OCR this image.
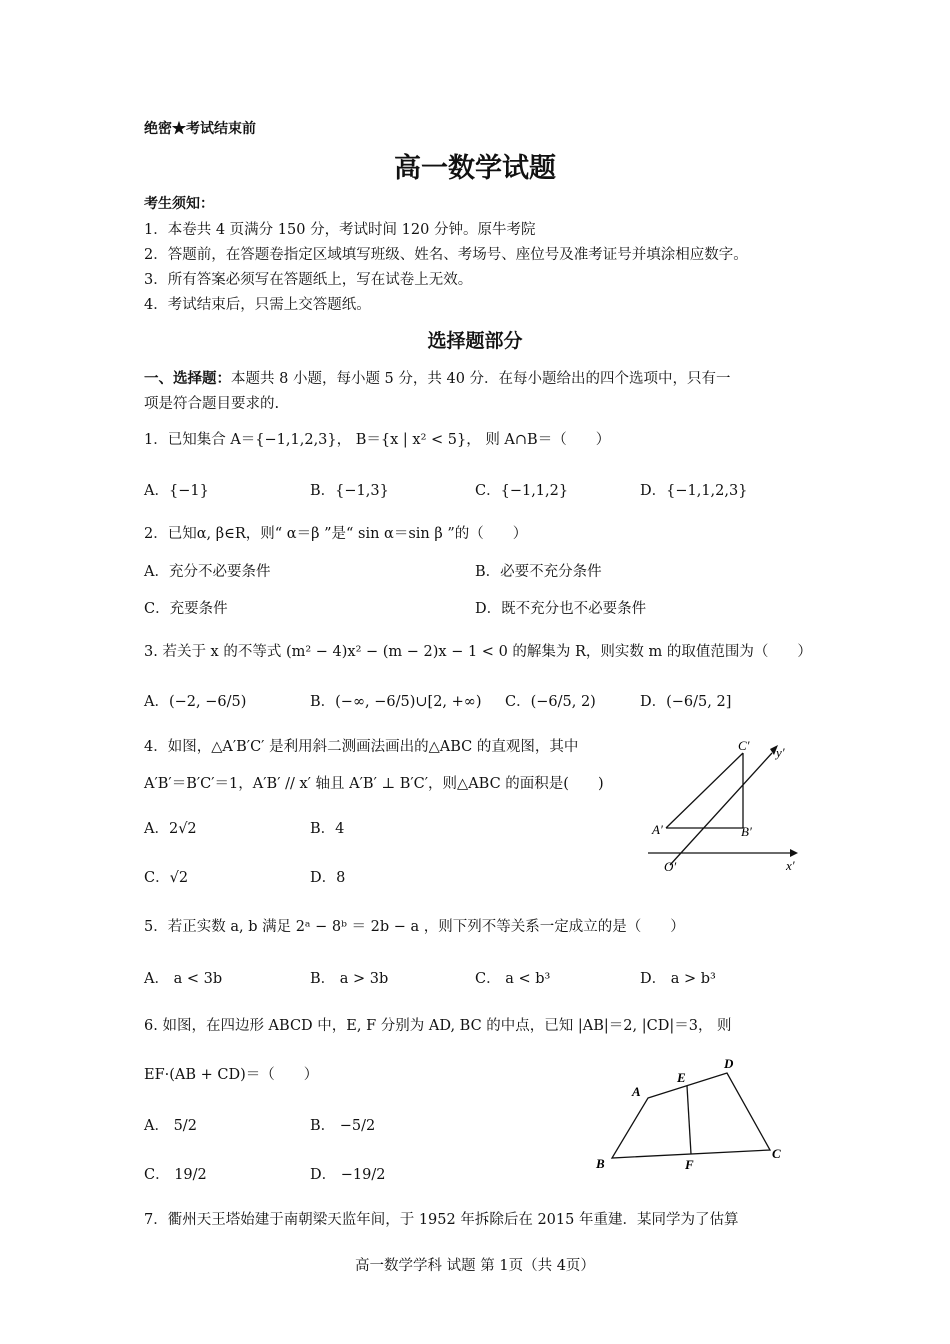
绝密★考试结束前
高一数学试题
考生须知：
1．本卷共 4 页满分 150 分，考试时间 120 分钟。原牛考院
2．答题前，在答题卷指定区域填写班级、姓名、考场号、座位号及准考证号并填涂相应数字。
3．所有答案必须写在答题纸上，写在试卷上无效。
4．考试结束后，只需上交答题纸。
选择题部分
一、选择题：本题共 8 小题，每小题 5 分，共 40 分．在每小题给出的四个选项中，只有一
项是符合题目要求的.
1．已知集合 A＝{−1,1,2,3}， B＝{x | x² < 5}， 则 A∩B＝（　　）
A．{−1}	B．{−1,3}	C．{−1,1,2}	D．{−1,1,2,3}
2．已知α, β∈R，则“ α＝β ”是“ sin α＝sin β ”的（　　）
A．充分不必要条件	B．必要不充分条件
C．充要条件	D．既不充分也不必要条件
3. 若关于 x 的不等式 (m² − 4)x² − (m − 2)x − 1 < 0 的解集为 R，则实数 m 的取值范围为（　　）
A．(−2, −6/5)	B．(−∞, −6/5)∪[2, +∞) C．(−6/5, 2)	D．(−6/5, 2]
4．如图，△A′B′C′ 是利用斜二测画法画出的△ABC 的直观图，其中
A′B′＝B′C′＝1，A′B′ // x′ 轴且 A′B′ ⊥ B′C′，则△ABC 的面积是(　　)
A．2√2	B．4
C．√2	D．8
C′ y′
A′	B′
O′	x′
5．若正实数 a, b 满足 2ᵃ − 8ᵇ ＝ 2b − a ，则下列不等关系一定成立的是（　　）
A． a < 3b	B． a > 3b	C． a < b³	D． a > b³
6. 如图，在四边形 ABCD 中，E, F 分别为 AD, BC 的中点，已知 |AB|＝2, |CD|＝3， 则
EF·(AB + CD)＝（　　）
A． 5/2	B． −5/2
C． 19/2	D． −19/2
A
E
D
B	F
C
7．衢州天王塔始建于南朝梁天监年间，于 1952 年拆除后在 2015 年重建．某同学为了估算
高一数学学科 试题 第 1页（共 4页）
